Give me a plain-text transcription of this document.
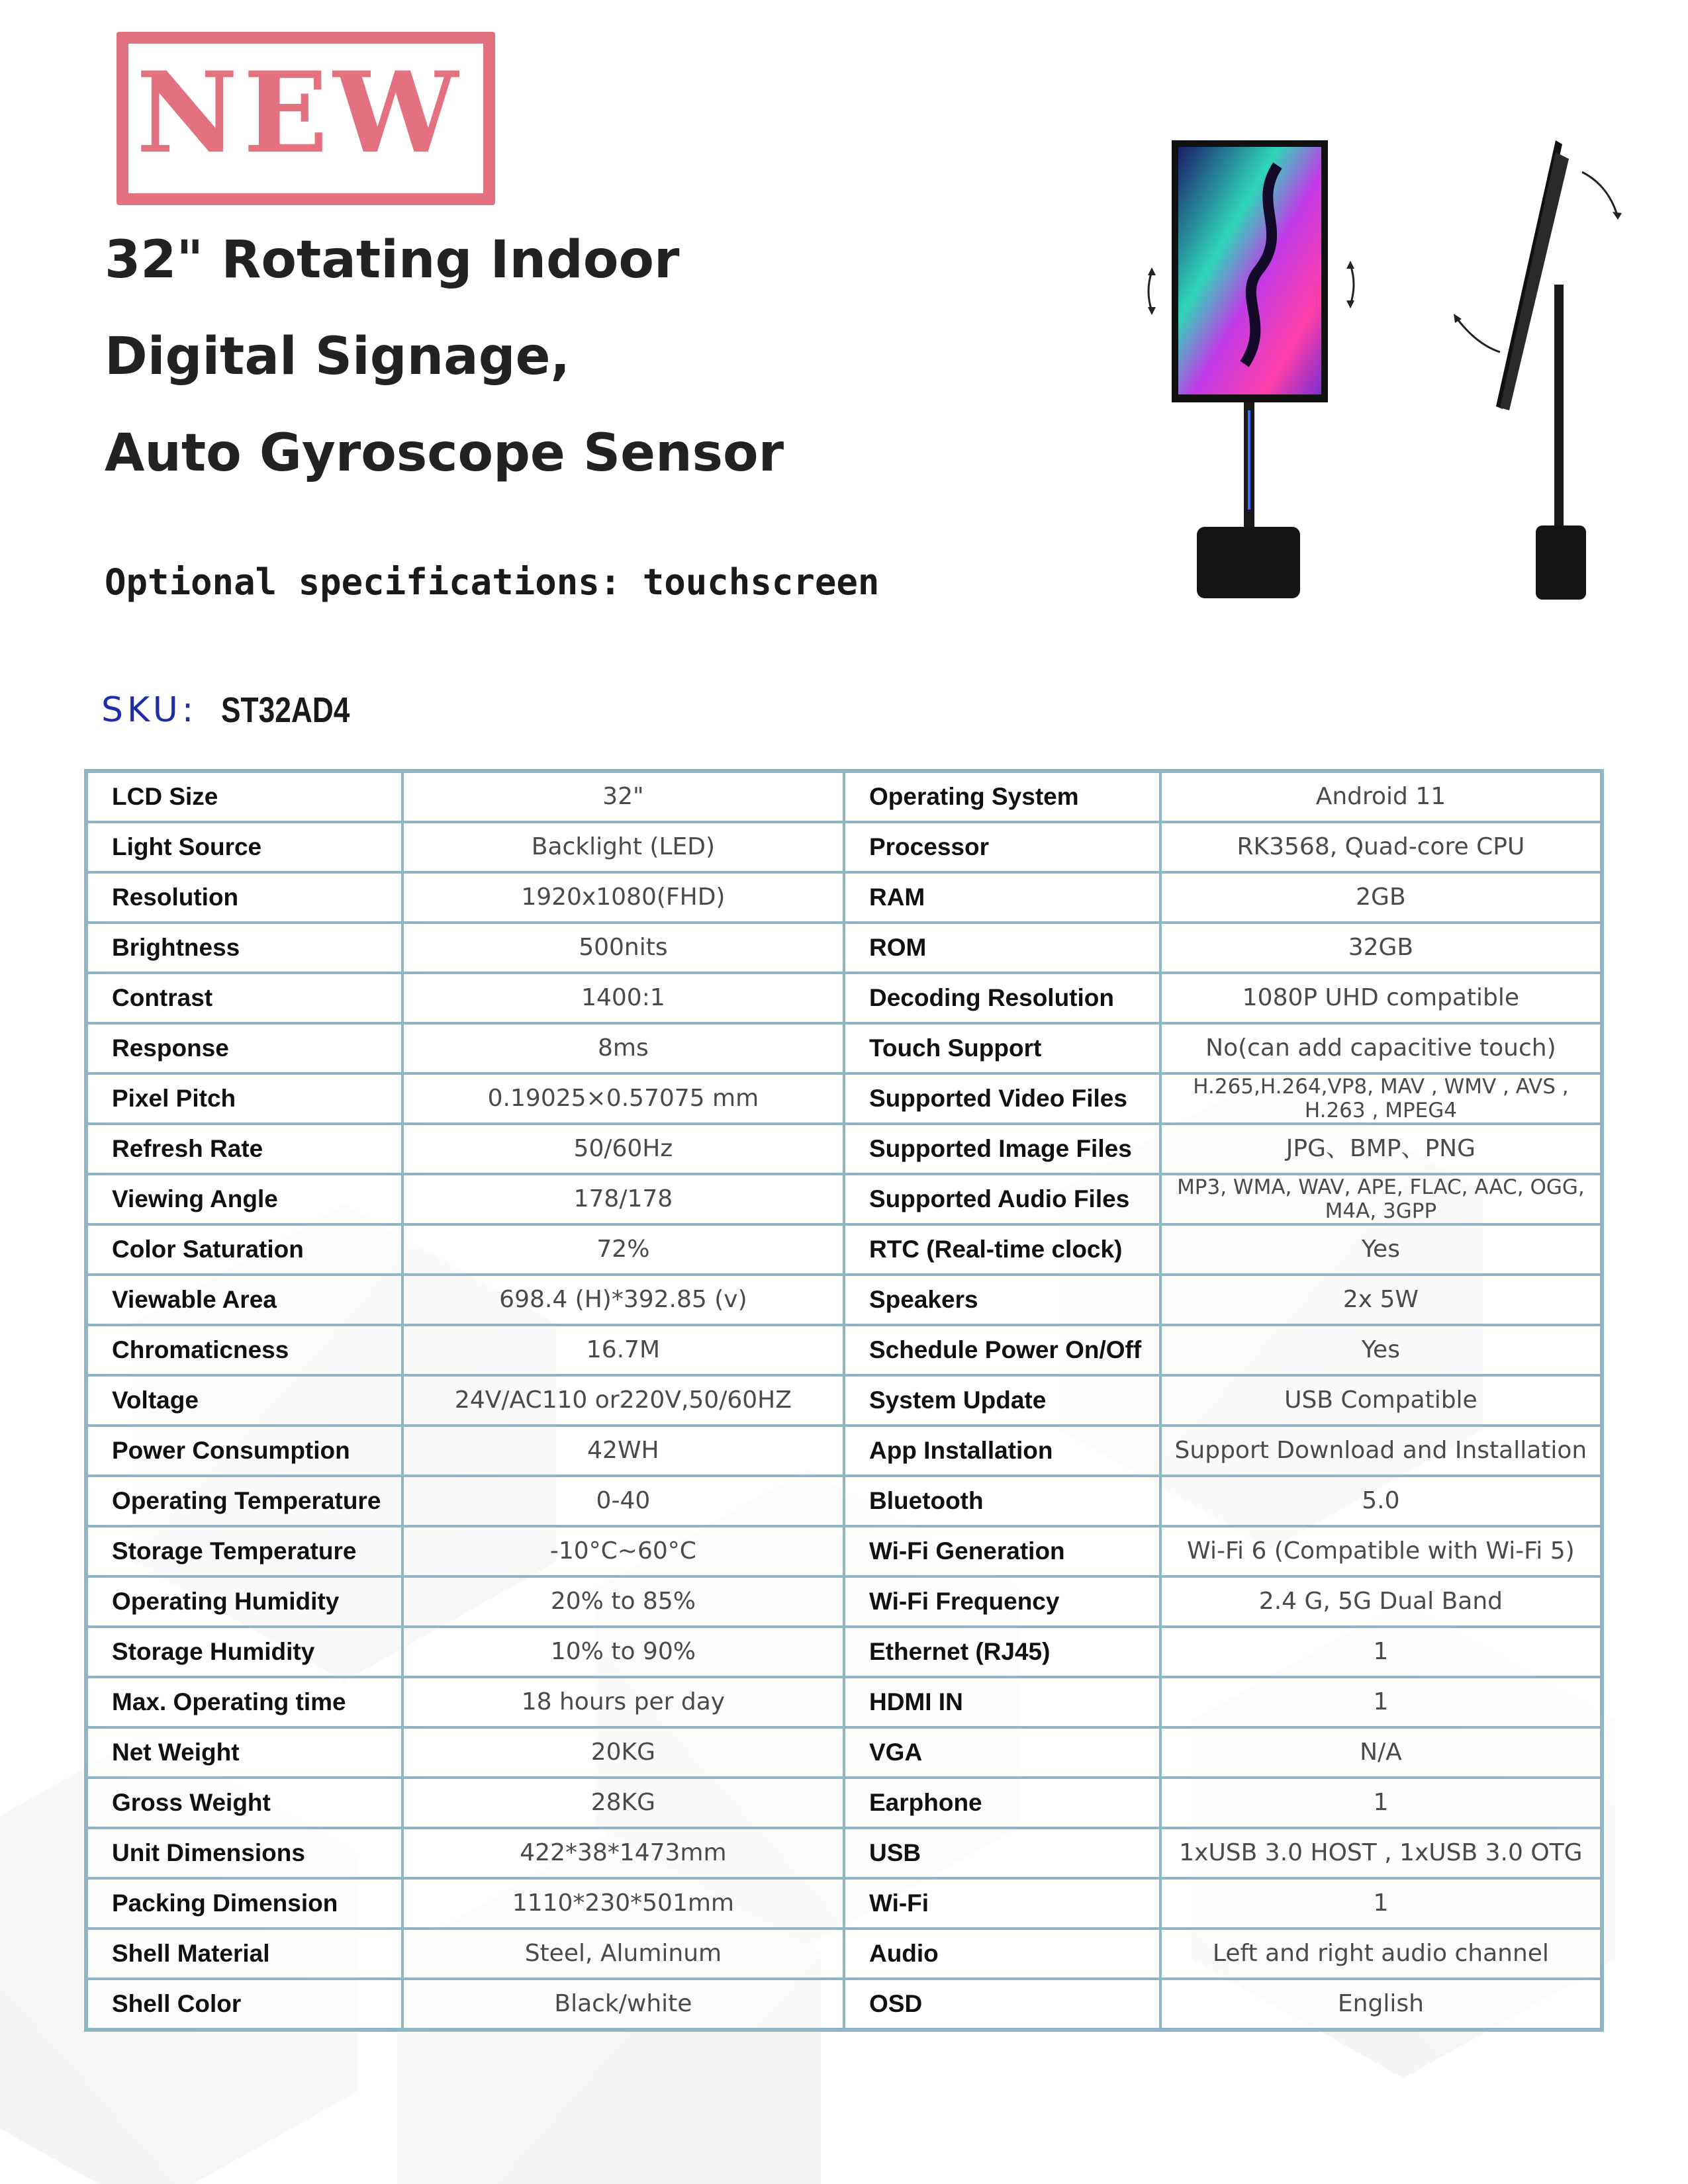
NEW
32" Rotating Indoor
Digital Signage,
Auto Gyroscope Sensor
Optional specifications: touchscreen
SKU: ST32AD4
LCD Size	32"	Operating System	Android 11
Light Source	Backlight (LED)	Processor	RK3568, Quad-core CPU
Resolution	1920x1080(FHD)	RAM	2GB
Brightness	500nits	ROM	32GB
Contrast	1400:1	Decoding Resolution	1080P UHD compatible
Response	8ms	Touch Support	No(can add capacitive touch)
Pixel Pitch	0.19025×0.57075 mm	Supported Video Files	H.265,H.264,VP8, MAV , WMV , AVS , H.263 , MPEG4
Refresh Rate	50/60Hz	Supported Image Files	JPG、BMP、PNG
Viewing Angle	178/178	Supported Audio Files	MP3, WMA, WAV, APE, FLAC, AAC, OGG, M4A, 3GPP
Color Saturation	72%	RTC (Real-time clock)	Yes
Viewable Area	698.4 (H)*392.85 (v)	Speakers	2x 5W
Chromaticness	16.7M	Schedule Power On/Off	Yes
Voltage	24V/AC110 or220V,50/60HZ	System Update	USB Compatible
Power Consumption	42WH	App Installation	Support Download and Installation
Operating Temperature	0-40	Bluetooth	5.0
Storage Temperature	-10°C~60°C	Wi-Fi Generation	Wi-Fi 6 (Compatible with Wi-Fi 5)
Operating Humidity	20% to 85%	Wi-Fi Frequency	2.4 G, 5G Dual Band
Storage Humidity	10% to 90%	Ethernet (RJ45)	1
Max. Operating time	18 hours per day	HDMI IN	1
Net Weight	20KG	VGA	N/A
Gross Weight	28KG	Earphone	1
Unit Dimensions	422*38*1473mm	USB	1xUSB 3.0 HOST , 1xUSB 3.0 OTG
Packing Dimension	1110*230*501mm	Wi-Fi	1
Shell Material	Steel, Aluminum	Audio	Left and right audio channel
Shell Color	Black/white	OSD	English
